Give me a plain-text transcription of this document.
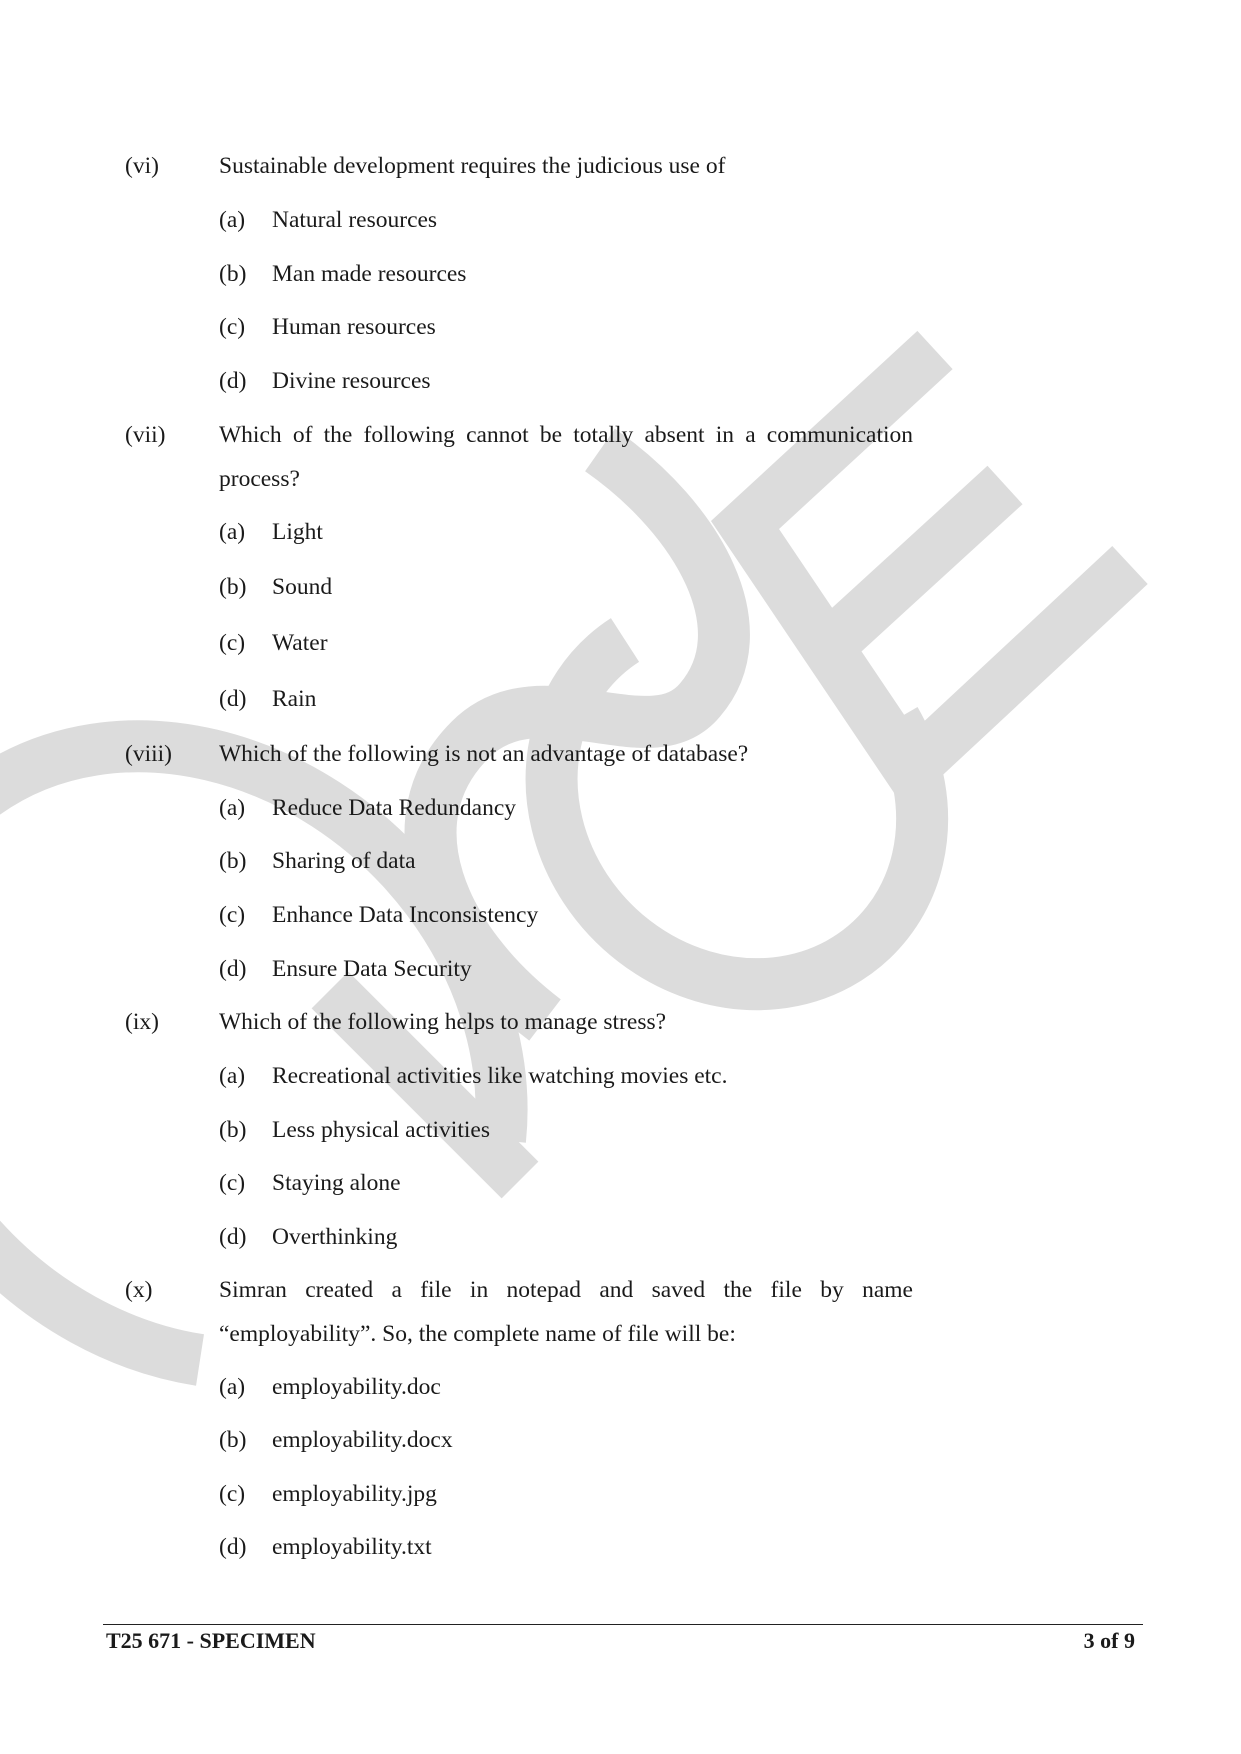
(vi)	Sustainable development requires the judicious use of
(a) Natural resources
(b) Man made resources
(c) Human resources
(d) Divine resources
(vii) Which of the following cannot be totally absent in a communication process?
(a) Light
(b) Sound
(c) Water
(d) Rain
(viii) Which of the following is not an advantage of database?
(a) Reduce Data Redundancy
(b) Sharing of data
(c) Enhance Data Inconsistency
(d) Ensure Data Security
(ix)	Which of the following helps to manage stress?
(a) Recreational activities like watching movies etc.
(b) Less physical activities
(c) Staying alone
(d) Overthinking
(x)	Simran created a file in notepad and saved the file by name “employability”. So, the complete name of file will be:
(a) employability.doc
(b) employability.docx
(c) employability.jpg
(d) employability.txt
T25 671 - SPECIMEN	3 of 9
